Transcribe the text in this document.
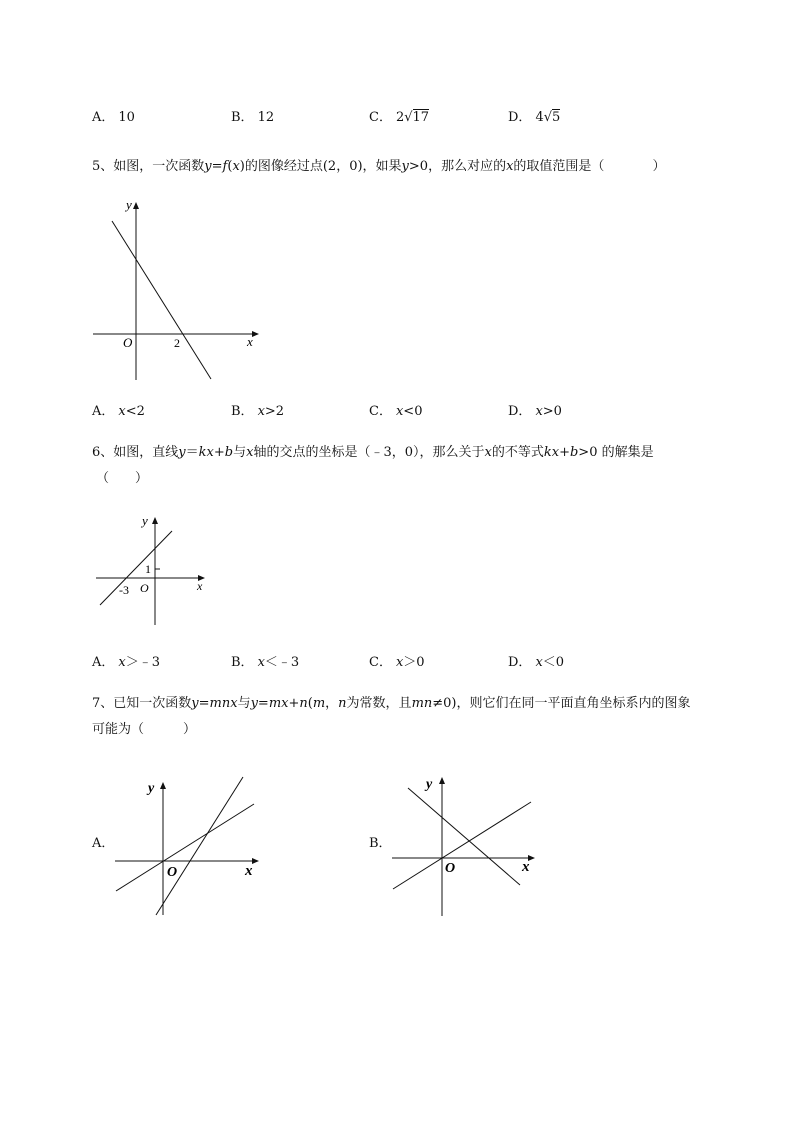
A． 10	B． 12	C． 2√17	D． 4√5
5、如图，一次函数y=f(x)的图像经过点(2，0)，如果y>0，那么对应的x的取值范围是（	）
y
x
O	2
A． x<2	B． x>2	C． x<0	D． x>0
6、如图，直线y＝kx+b与x轴的交点的坐标是（﹣3，0），那么关于x的不等式kx+b>0 的解集是
（　　）
y
x
O
1
-3
A． x＞﹣3	B． x＜﹣3	C． x＞0	D． x＜0
7、已知一次函数y=mnx与y=mx+n(m，n为常数，且mn≠0)，则它们在同一平面直角坐标系内的图象
可能为（　　　）
A．
y
x
O
B．
y
x
O
